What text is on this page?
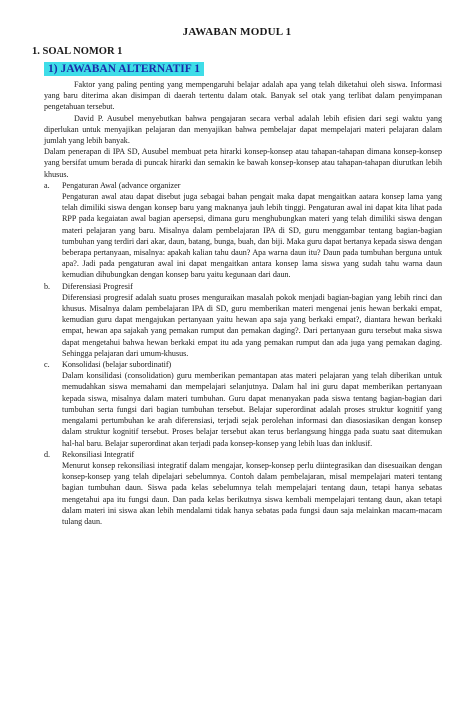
JAWABAN MODUL 1
1. SOAL NOMOR 1
1) JAWABAN ALTERNATIF 1

Faktor yang paling penting yang mempengaruhi belajar adalah apa yang telah diketahui oleh siswa. Informasi yang baru diterima akan disimpan di daerah tertentu dalam otak. Banyak sel otak yang terlibat dalam penyimpanan pengetahuan tersebut.

David P. Ausubel menyebutkan bahwa pengajaran secara verbal adalah lebih efisien dari segi waktu yang diperlukan untuk menyajikan pelajaran dan menyajikan bahwa pembelajar dapat mempelajari materi pelajaran dalam jumlah yang lebih banyak.

Dalam penerapan di IPA SD, Ausubel membuat peta hirarki konsep-konsep atau tahapan-tahapan dimana konsep-konsep yang bersifat umum berada di puncak hirarki dan semakin ke bawah konsep-konsep atau tahapan-tahapan diurutkan lebih khusus.

a.	Pengaturan Awal (advance organizer

Pengaturan awal atau dapat disebut juga sebagai bahan pengait maka dapat mengaitkan aatara konsep lama yang telah dimiliki siswa dengan konsep baru yang maknanya jauh lebih tinggi. Pengaturan awal ini dapat kita lihat pada RPP pada kegaiatan awal bagian apersepsi, dimana guru menghubungkan materi yang telah dimiliki siswa dengan materi pelajaran yang baru. Misalnya dalam pembelajaran IPA di SD, guru menggambar tentang bagian-bagian tumbuhan yang terdiri dari akar, daun, batang, bunga, buah, dan biji. Maka guru dapat bertanya kepada siswa dengan beberapa pertanyaan, misalnya: apakah kalian tahu daun? Apa warna daun itu? Daun pada tumbuhan berguna untuk apa?. Jadi pada pengaturan awal ini dapat mengaitkan antara konsep lama siswa yang sudah tahu warna daun kemudian dihubungkan dengan konsep baru yaitu kegunaan dari daun.

b.	Diferensiasi Progresif

Diferensiasi progresif adalah suatu proses menguraikan masalah pokok menjadi bagian-bagian yang lebih rinci dan khusus. Misalnya dalam pembelajaran IPA di SD, guru memberikan materi mengenai jenis hewan berkaki empat, kemudian guru dapat mengajukan pertanyaan yaitu hewan apa saja yang berkaki empat?, diantara hewan berkaki empat, hewan apa sajakah yang pemakan rumput dan pemakan daging?. Dari pertanyaan guru tersebut maka siswa dapat mengetahui bahwa hewan berkaki empat itu ada yang pemakan rumput dan ada juga yang pemakan daging. Sehingga pelajaran dari umum-khusus.

c.	Konsolidasi (belajar subordinatif)

Dalam konsilidasi (consolidation) guru memberikan pemantapan atas materi pelajaran yang telah diberikan untuk memudahkan siswa memahami dan mempelajari selanjutnya. Dalam hal ini guru dapat memberikan pertanyaan kepada siswa, misalnya dalam materi tumbuhan. Guru dapat menanyakan pada siswa tentang bagian-bagian dari tumbuhan serta fungsi dari bagian tumbuhan tersebut. Belajar superordinat adalah proses struktur kognitif yang mengalami pertumbuhan ke arah diferensiasi, terjadi sejak perolehan informasi dan diasosiasikan dengan konsep dalam struktur kognitif tersebut. Proses belajar tersebut akan terus berlangsung hingga pada suatu saat ditemukan hal-hal baru. Belajar superordinat akan terjadi pada konsep-konsep yang lebih luas dan inklusif.

d.	Rekonsiliasi Integratif

Menurut konsep rekonsiliasi integratif dalam mengajar, konsep-konsep perlu diintegrasikan dan disesuaikan dengan konsep-konsep yang telah dipelajari sebelumnya. Contoh dalam pembelajaran, misal mempelajari materi tentang bagian tumbuhan daun. Siswa pada kelas sebelumnya telah mempelajari tentang daun, tetapi hanya sebatas mengetahui apa itu fungsi daun. Dan pada kelas berikutnya siswa kembali mempelajari tentang daun, akan tetapi dalam materi ini siswa akan lebih mendalami tidak hanya sebatas pada fungsi daun saja melainkan macam-macam tulang daun.
